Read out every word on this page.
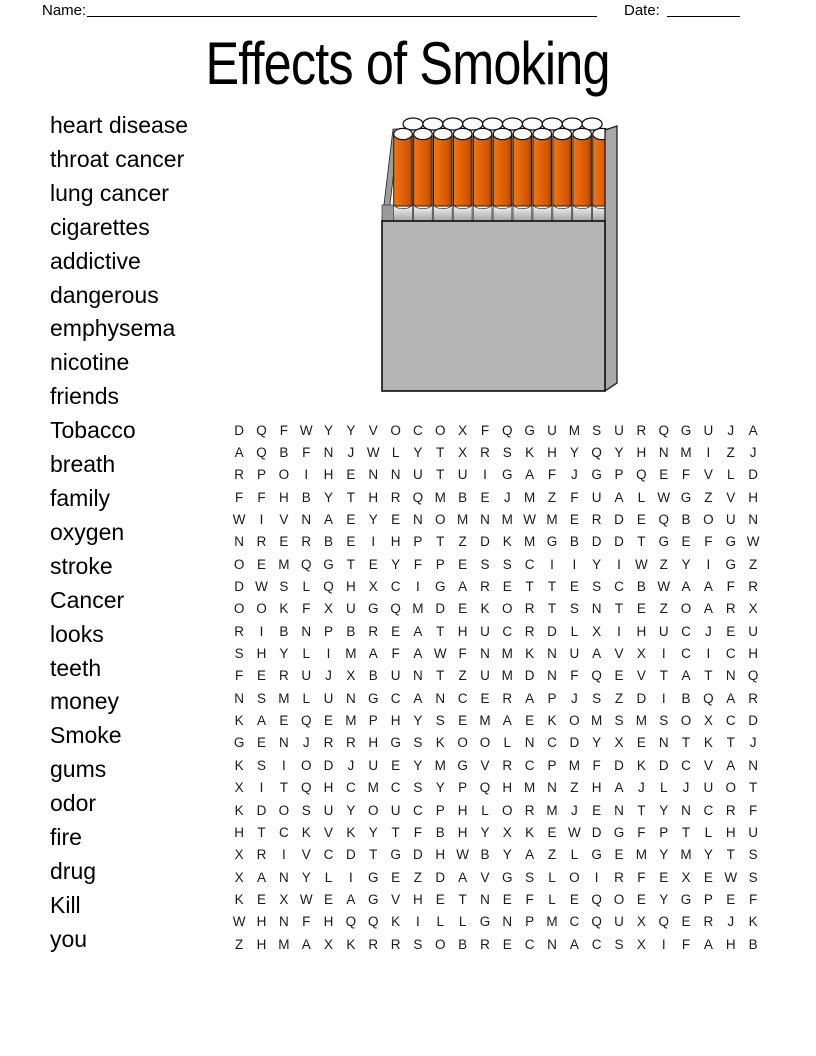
Name:	Date:
Effects of Smoking
heart disease
throat cancer
lung cancer
cigarettes
addictive
dangerous
emphysema
nicotine
friends
Tobacco
breath
family
oxygen
stroke
Cancer
looks
teeth
money
Smoke
gums
odor
fire
drug
Kill
you
D Q F W Y Y V O C O X	F Q G U M S U R Q G U	J	A
A Q B	F N	J W L	Y	T	X R S K H Y Q Y H N M	I	Z	J
R P O	I	H E N N U T U	I	G A	F	J	G P Q E	F	V	L	D
F	F H B Y	T H R Q M B E	J M Z	F U A	L W G Z	V H
W	I	V N A E Y E N O M N M W M E R D E Q B O U N
N R E R B E	I	H P	T	Z D K M G B D D T G E	F G W
O E M Q G T	E Y	F	P E S S C	I	I	Y	I	W Z	Y	I	G Z
D W S	L Q H X C	I	G A R E	T	T	E S C B W A A	F R
O O K	F	X U G Q M D E K O R T	S N T	E	Z O A R X
R	I	B N P B R E A	T H U C R D	L	X	I	H U C	J	E U
S H Y	L	I	M A	F	A W F N M K N U A V X	I	C	I	C H
F	E R U	J	X B U N T	Z U M D N F Q E V	T	A	T N Q
N S M L	U N G C A N C E R A P	J	S	Z D	I	B Q A R
K A E Q E M P H Y S E M A E K O M S M S O X C D
G E N	J	R R H G S K O O L	N C D Y X E N T	K	T	J
K S	I	O D	J	U E Y M G V R C P M F D K D C V A N
X	I	T Q H C M C S Y P Q H M N Z H A	J	L	J	U O T
K D O S U Y O U C P H	L O R M J	E N T	Y N C R F
H T C K V K Y	T	F	B H Y X K E W D G F	P	T	L	H U
X R	I	V C D T G D H W B Y A	Z	L G E M Y M Y	T	S
X A N Y	L	I	G E	Z D A V G S	L O	I	R F	E X E W S
K E X W E A G V H E	T N E	F	L	E Q O E Y G P E	F
W H N F H Q Q K	I	L	L G N P M C Q U X Q E R	J	K
Z H M A X K R R S O B R E C N A C S X	I	F	A H B
